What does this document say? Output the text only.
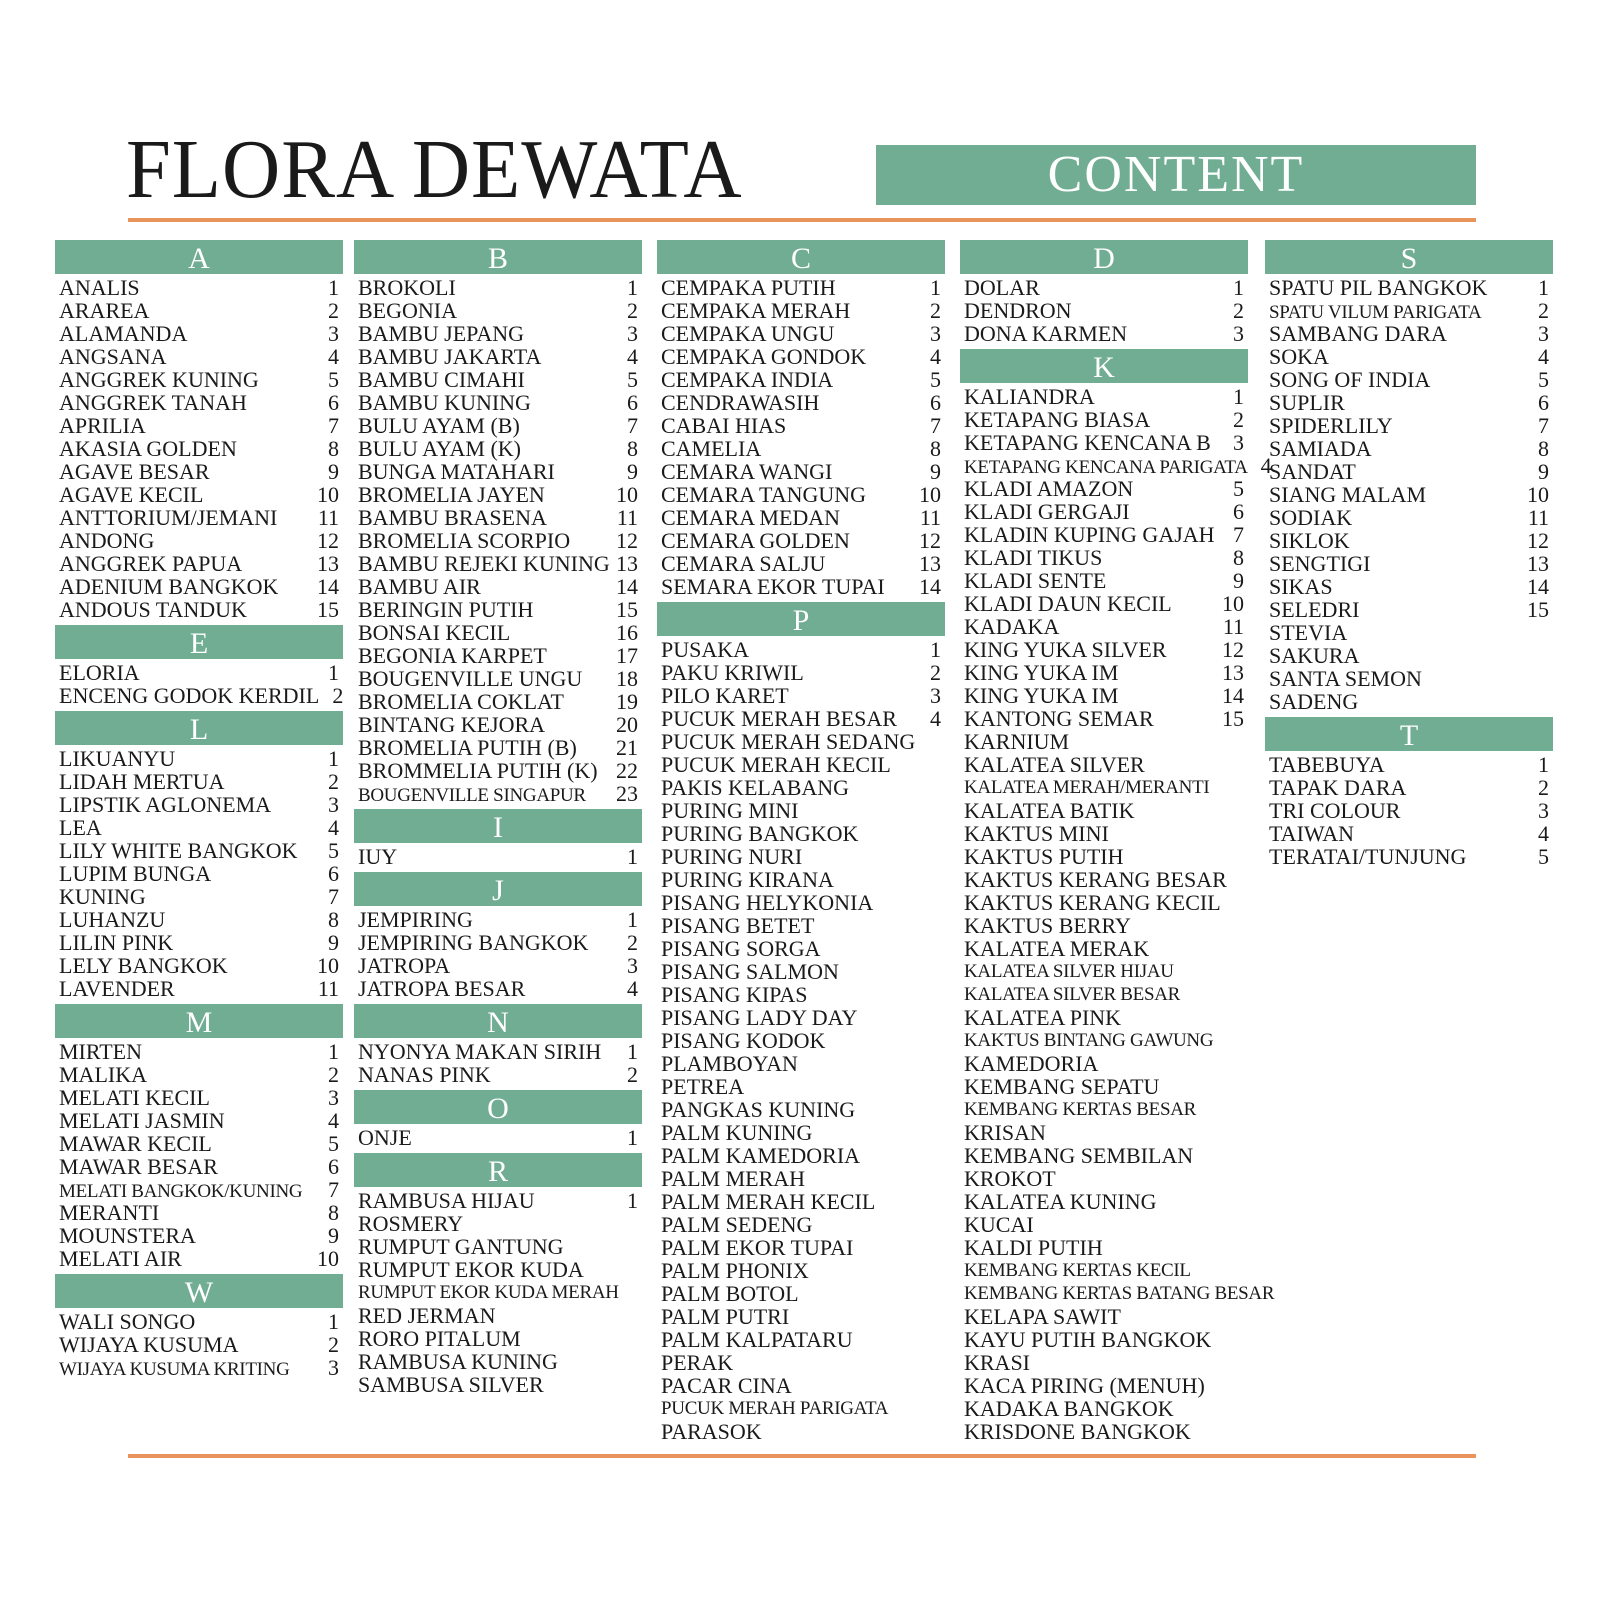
FLORA DEWATA	CONTENT
A
ANALIS	1
ARAREA	2
ALAMANDA	3
ANGSANA	4
ANGGREK KUNING	5
ANGGREK TANAH	6
APRILIA	7
AKASIA GOLDEN	8
AGAVE BESAR	9
AGAVE KECIL	10
ANTTORIUM/JEMANI	11
ANDONG	12
ANGGREK PAPUA	13
ADENIUM BANGKOK	14
ANDOUS TANDUK	15
E
ELORIA	1
ENCENG GODOK KERDIL 2
L
LIKUANYU	1
LIDAH MERTUA	2
LIPSTIK AGLONEMA	3
LEA	4
LILY WHITE BANGKOK	5
LUPIM BUNGA	6
KUNING	7
LUHANZU	8
LILIN PINK	9
LELY BANGKOK	10
LAVENDER	11
M
MIRTEN	1
MALIKA	2
MELATI KECIL	3
MELATI JASMIN	4
MAWAR KECIL	5
MAWAR BESAR	6
MELATI BANGKOK/KUNING	7
MERANTI	8
MOUNSTERA	9
MELATI AIR	10
W
WALI SONGO	1
WIJAYA KUSUMA	2
WIJAYA KUSUMA KRITING	3
B
BROKOLI	1
BEGONIA	2
BAMBU JEPANG	3
BAMBU JAKARTA	4
BAMBU CIMAHI	5
BAMBU KUNING	6
BULU AYAM (B)	7
BULU AYAM (K)	8
BUNGA MATAHARI	9
BROMELIA JAYEN	10
BAMBU BRASENA	11
BROMELIA SCORPIO	12
BAMBU REJEKI KUNING 13
BAMBU AIR	14
BERINGIN PUTIH	15
BONSAI KECIL	16
BEGONIA KARPET	17
BOUGENVILLE UNGU	18
BROMELIA COKLAT	19
BINTANG KEJORA	20
BROMELIA PUTIH (B)	21
BROMMELIA PUTIH (K) 22
BOUGENVILLE SINGAPUR	23
I
IUY	1
J
JEMPIRING	1
JEMPIRING BANGKOK	2
JATROPA	3
JATROPA BESAR	4
N
NYONYA MAKAN SIRIH	1
NANAS PINK	2
O
ONJE	1
R
RAMBUSA HIJAU	1
ROSMERY
RUMPUT GANTUNG
RUMPUT EKOR KUDA
RUMPUT EKOR KUDA MERAH
RED JERMAN
RORO PITALUM
RAMBUSA KUNING
SAMBUSA SILVER
C
CEMPAKA PUTIH	1
CEMPAKA MERAH	2
CEMPAKA UNGU	3
CEMPAKA GONDOK	4
CEMPAKA INDIA	5
CENDRAWASIH	6
CABAI HIAS	7
CAMELIA	8
CEMARA WANGI	9
CEMARA TANGUNG	10
CEMARA MEDAN	11
CEMARA GOLDEN	12
CEMARA SALJU	13
SEMARA EKOR TUPAI	14
P
PUSAKA	1
PAKU KRIWIL	2
PILO KARET	3
PUCUK MERAH BESAR	4
PUCUK MERAH SEDANG
PUCUK MERAH KECIL
PAKIS KELABANG
PURING MINI
PURING BANGKOK
PURING NURI
PURING KIRANA
PISANG HELYKONIA
PISANG BETET
PISANG SORGA
PISANG SALMON
PISANG KIPAS
PISANG LADY DAY
PISANG KODOK
PLAMBOYAN
PETREA
PANGKAS KUNING
PALM KUNING
PALM KAMEDORIA
PALM MERAH
PALM MERAH KECIL
PALM SEDENG
PALM EKOR TUPAI
PALM PHONIX
PALM BOTOL
PALM PUTRI
PALM KALPATARU
PERAK
PACAR CINA
PUCUK MERAH PARIGATA
PARASOK
D
DOLAR	1
DENDRON	2
DONA KARMEN	3
K
KALIANDRA	1
KETAPANG BIASA	2
KETAPANG KENCANA B	3
KETAPANG KENCANA PARIGATA 4
KLADI AMAZON	5
KLADI GERGAJI	6
KLADIN KUPING GAJAH 7
KLADI TIKUS	8
KLADI SENTE	9
KLADI DAUN KECIL	10
KADAKA	11
KING YUKA SILVER	12
KING YUKA IM	13
KING YUKA IM	14
KANTONG SEMAR	15
KARNIUM
KALATEA SILVER
KALATEA MERAH/MERANTI
KALATEA BATIK
KAKTUS MINI
KAKTUS PUTIH
KAKTUS KERANG BESAR
KAKTUS KERANG KECIL
KAKTUS BERRY
KALATEA MERAK
KALATEA SILVER HIJAU
KALATEA SILVER BESAR
KALATEA PINK
KAKTUS BINTANG GAWUNG
KAMEDORIA
KEMBANG SEPATU
KEMBANG KERTAS BESAR
KRISAN
KEMBANG SEMBILAN
KROKOT
KALATEA KUNING
KUCAI
KALDI PUTIH
KEMBANG KERTAS KECIL
KEMBANG KERTAS BATANG BESAR
KELAPA SAWIT
KAYU PUTIH BANGKOK
KRASI
KACA PIRING (MENUH)
KADAKA BANGKOK
KRISDONE BANGKOK
S
SPATU PIL BANGKOK	1
SPATU VILUM PARIGATA	2
SAMBANG DARA	3
SOKA	4
SONG OF INDIA	5
SUPLIR	6
SPIDERLILY	7
SAMIADA	8
SANDAT	9
SIANG MALAM	10
SODIAK	11
SIKLOK	12
SENGTIGI	13
SIKAS	14
SELEDRI	15
STEVIA
SAKURA
SANTA SEMON
SADENG
T
TABEBUYA	1
TAPAK DARA	2
TRI COLOUR	3
TAIWAN	4
TERATAI/TUNJUNG	5
